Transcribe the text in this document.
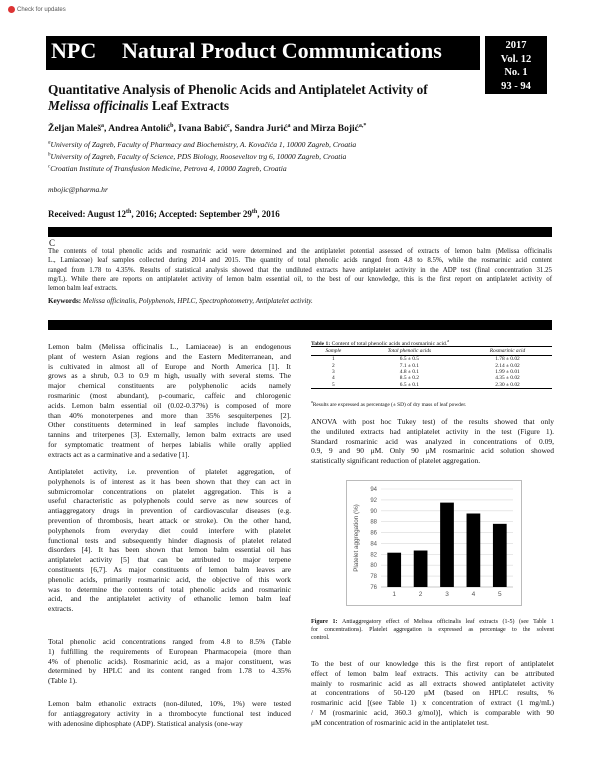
Check for updates
NPC Natural Product Communications	2017
Vol. 12
No. 1
93 - 94
Quantitative Analysis of Phenolic Acids and Antiplatelet Activity of
Melissa officinalis Leaf Extracts
Željan Maleš$^a$, Andrea Antolić$^b$, Ivana Babić$^c$, Sandra Jurić$^a$ and Mirza Bojić$^{a,*}$
$^a$University of Zagreb, Faculty of Pharmacy and Biochemistry, A. Kovačića 1, 10000 Zagreb, Croatia
$^b$University of Zagreb, Faculty of Science, PDS Biology, Rooseveltov trg 6, 10000 Zagreb, Croatia
$^c$Croatian Institute of Transfusion Medicine, Petrova 4, 10000 Zagreb, Croatia
mbojic@pharma.hr
Received: August 12th, 2016; Accepted: September 29th, 2016
C
The contents of total phenolic acids and rosmarinic acid were determined and the antiplatelet potential assessed of extracts of lemon balm (Melissa officinalis
L., Lamiaceae) leaf samples collected during 2014 and 2015. The quantity of total phenolic acids ranged from 4.8 to 8.5%, while the rosmarinic acid content
ranged from 1.78 to 4.35%. Results of statistical analysis showed that the undiluted extracts have antiplatelet activity in the ADP test (final concentration 31.25
mg/L). While there are reports on antiplatelet activity of lemon balm essential oil, to the best of our knowledge, this is the first report on antiplatelet activity of
lemon balm leaf extracts.
Keywords: Melissa officinalis, Polyphenols, HPLC, Spectrophotometry, Antiplatelet activity.
Lemon balm (Melissa officinalis L., Lamiaceae) is an endogenous
plant of western Asian regions and the Eastern Mediterranean, and
is cultivated in almost all of Europe and North America [1]. It
grows as a shrub, 0.3 to 0.9 m high, usually with several stems. The
major chemical constituents are polyphenolic acids namely
rosmarinic (most abundant), p-coumaric, caffeic and chlorogenic
acids. Lemon balm essential oil (0.02-0.37%) is composed of more
than 40% monoterpenes and more than 35% sesquiterpenes [2].
Other constituents determined in leaf samples include flavonoids,
tannins and triterpenes [3]. Externally, lemon balm extracts are used
for symptomatic treatment of herpes labialis while orally applied
extracts act as a carminative and a sedative [1].
Antiplatelet activity, i.e. prevention of platelet aggregation, of
polyphenols is of interest as it has been shown that they can act in
submicromolar concentrations on platelet aggregation. This is a
useful characteristic as polyphenols could serve as new sources of
antiaggregatory drugs in prevention of cardiovascular diseases (e.g.
prevention of thrombosis, heart attack or stroke). On the other hand,
polyphenols from everyday diet could interfere with platelet
functional tests and subsequently hinder diagnosis of platelet related
disorders [4]. It has been shown that lemon balm essential oil has
antiplatelet activity [5] that can be attributed to major terpene
constituents [6,7]. As major constituents of lemon balm leaves are
phenolic acids, primarily rosmarinic acid, the objective of this work
was to determine the contents of total phenolic acids and rosmarinic
acid, and the antiplatelet activity of ethanolic lemon balm leaf
extracts.
Total phenolic acid concentrations ranged from 4.8 to 8.5% (Table
1) fulfilling the requirements of European Pharmacopeia (more than
4% of phenolic acids). Rosmarinic acid, as a major constituent, was
determined by HPLC and its content ranged from 1.78 to 4.35%
(Table 1).
Lemon balm ethanolic extracts (non-diluted, 10%, 1%) were tested
for antiaggregatory activity in a thrombocyte functional test induced
with adenosine diphosphate (ADP). Statistical analysis (one-way
Table 1: Content of total phenolic acids and rosmarinic acid.$^a$
Sample	Total phenolic acids	Rosmarinic acid
1	6.5 ± 0.5	1.78 ± 0.02
2	7.1 ± 0.1	2.14 ± 0.02
3	4.8 ± 0.1	1.99 ± 0.01
4	8.5 ± 0.2	4.35 ± 0.02
5	6.5 ± 0.1	2.30 ± 0.02
$^a$Results are expressed as percentage (± SD) of dry mass of leaf powder.
ANOVA with post hoc Tukey test) of the results showed that only
the undiluted extracts had antiplatelet activity in the test (Figure 1).
Standard rosmarinic acid was analyzed in concentrations of 0.09,
0.9, 9 and 90 μM. Only 90 μM rosmarinic acid solution showed
statistically significant reduction of platelet aggregation.
76
78
80
82
84
86
88
90
92
94
1	2	3	4	5
Platelet aggregation (%)
Figure 1: Antiaggregatory effect of Melissa officinalis leaf extracts (1-5) (see Table 1
for concentrations). Platelet aggregation is expressed as percentage to the solvent
control.
To the best of our knowledge this is the first report of antiplatelet
effect of lemon balm leaf extracts. This activity can be attributed
mainly to rosmarinic acid as all extracts showed antiplatelet activity
at concentrations of 50-120 μM (based on HPLC results, %
rosmarinic acid [(see Table 1) x concentration of extract (1 mg/mL)
/ M (rosmarinic acid, 360.3 g/mol)], which is comparable with 90
μM concentration of rosmarinic acid in the antiplatelet test.
